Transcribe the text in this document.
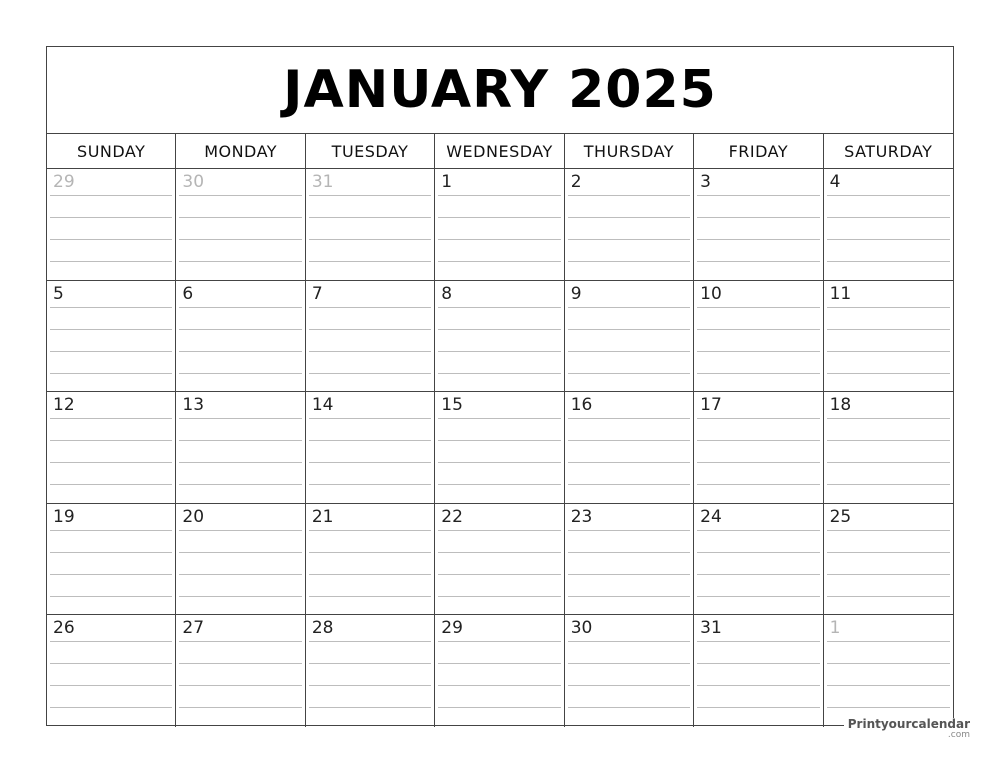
JANUARY 2025
SUNDAY	MONDAY	TUESDAY	WEDNESDAY	THURSDAY	FRIDAY	SATURDAY
29	30	31	1	2	3	4
5	6	7	8	9	10	11
12	13	14	15	16	17	18
19	20	21	22	23	24	25
26	27	28	29	30	31	1
Printyourcalendar
.com
